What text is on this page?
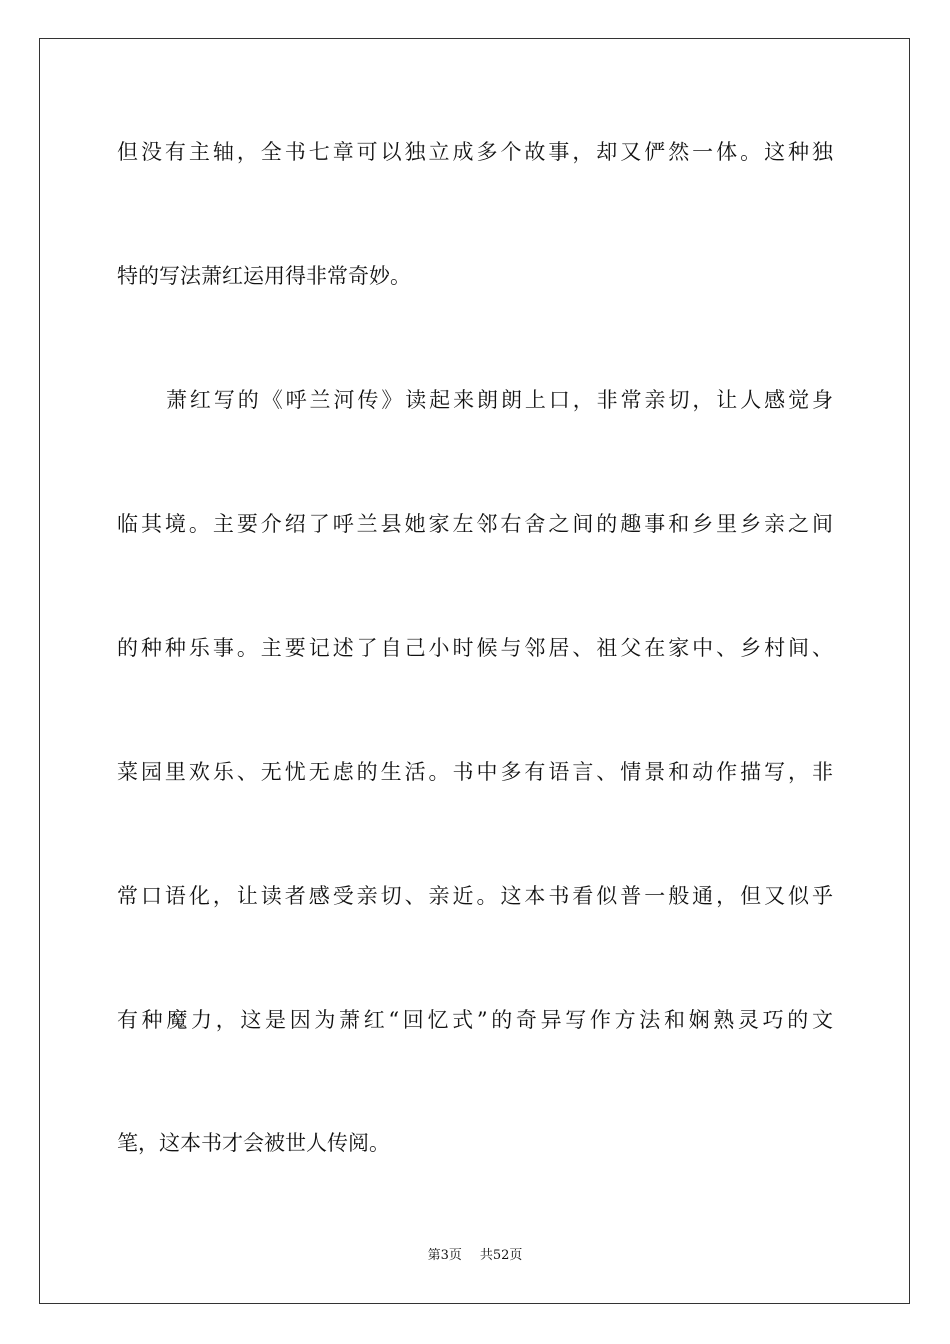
但没有主轴，全书七章可以独立成多个故事，却又俨然一体。这种独
特的写法萧红运用得非常奇妙。
萧红写的《呼兰河传》读起来朗朗上口，非常亲切，让人感觉身
临其境。主要介绍了呼兰县她家左邻右舍之间的趣事和乡里乡亲之间
的种种乐事。主要记述了自己小时候与邻居、祖父在家中、乡村间、
菜园里欢乐、无忧无虑的生活。书中多有语言、情景和动作描写，非
常口语化，让读者感受亲切、亲近。这本书看似普一般通，但又似乎
有种魔力，这是因为萧红“回忆式”的奇异写作方法和娴熟灵巧的文
笔，这本书才会被世人传阅。
第3页 共52页
